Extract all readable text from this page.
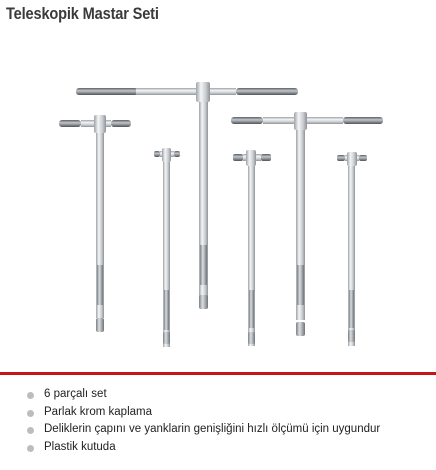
Teleskopik Mastar Seti
6 parçalı set
Parlak krom kaplama
Deliklerin çapını ve yanklarin genişliğini hızlı ölçümü için uygundur
Plastik kutuda
